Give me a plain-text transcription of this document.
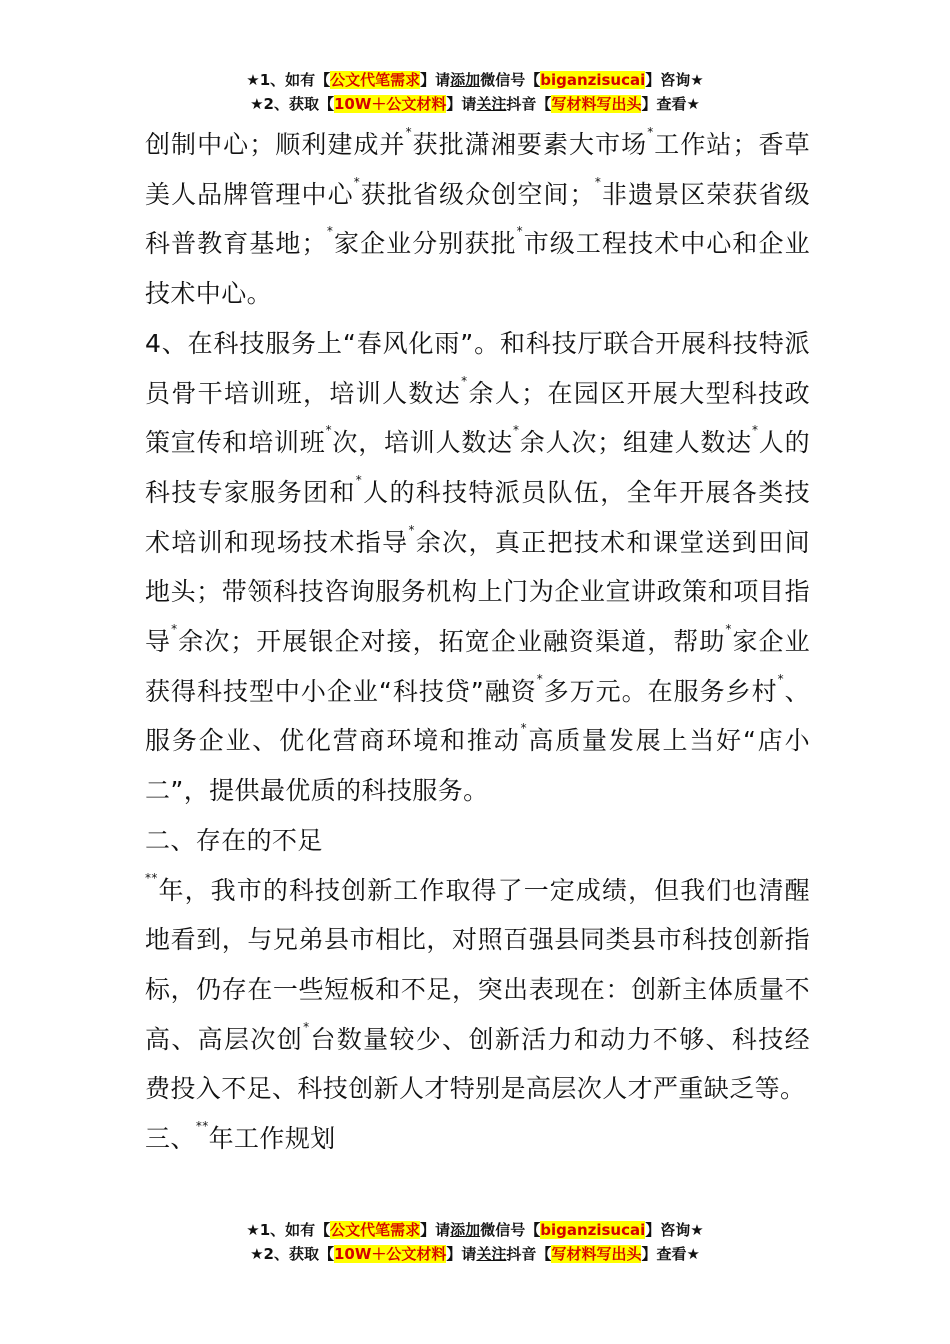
★1、如有【公文代笔需求】请添加微信号【biganzisucai】咨询★
★2、获取【10W＋公文材料】请关注抖音【写材料写出头】查看★

创制中心；顺利建成并*获批潇湘要素大市场*工作站；香草美人品牌管理中心*获批省级众创空间；*非遗景区荣获省级科普教育基地；*家企业分别获批*市级工程技术中心和企业技术中心。

4、在科技服务上“春风化雨”。和科技厅联合开展科技特派员骨干培训班，培训人数达*余人；在园区开展大型科技政策宣传和培训班*次，培训人数达*余人次；组建人数达*人的科技专家服务团和*人的科技特派员队伍，全年开展各类技术培训和现场技术指导*余次，真正把技术和课堂送到田间地头；带领科技咨询服务机构上门为企业宣讲政策和项目指导*余次；开展银企对接，拓宽企业融资渠道，帮助*家企业获得科技型中小企业“科技贷”融资*多万元。在服务乡村*、服务企业、优化营商环境和推动*高质量发展上当好“店小二”，提供最优质的科技服务。

二、存在的不足

**年，我市的科技创新工作取得了一定成绩，但我们也清醒地看到，与兄弟县市相比，对照百强县同类县市科技创新指标，仍存在一些短板和不足，突出表现在：创新主体质量不高、高层次创*台数量较少、创新活力和动力不够、科技经费投入不足、科技创新人才特别是高层次人才严重缺乏等。

三、**年工作规划

★1、如有【公文代笔需求】请添加微信号【biganzisucai】咨询★
★2、获取【10W＋公文材料】请关注抖音【写材料写出头】查看★
